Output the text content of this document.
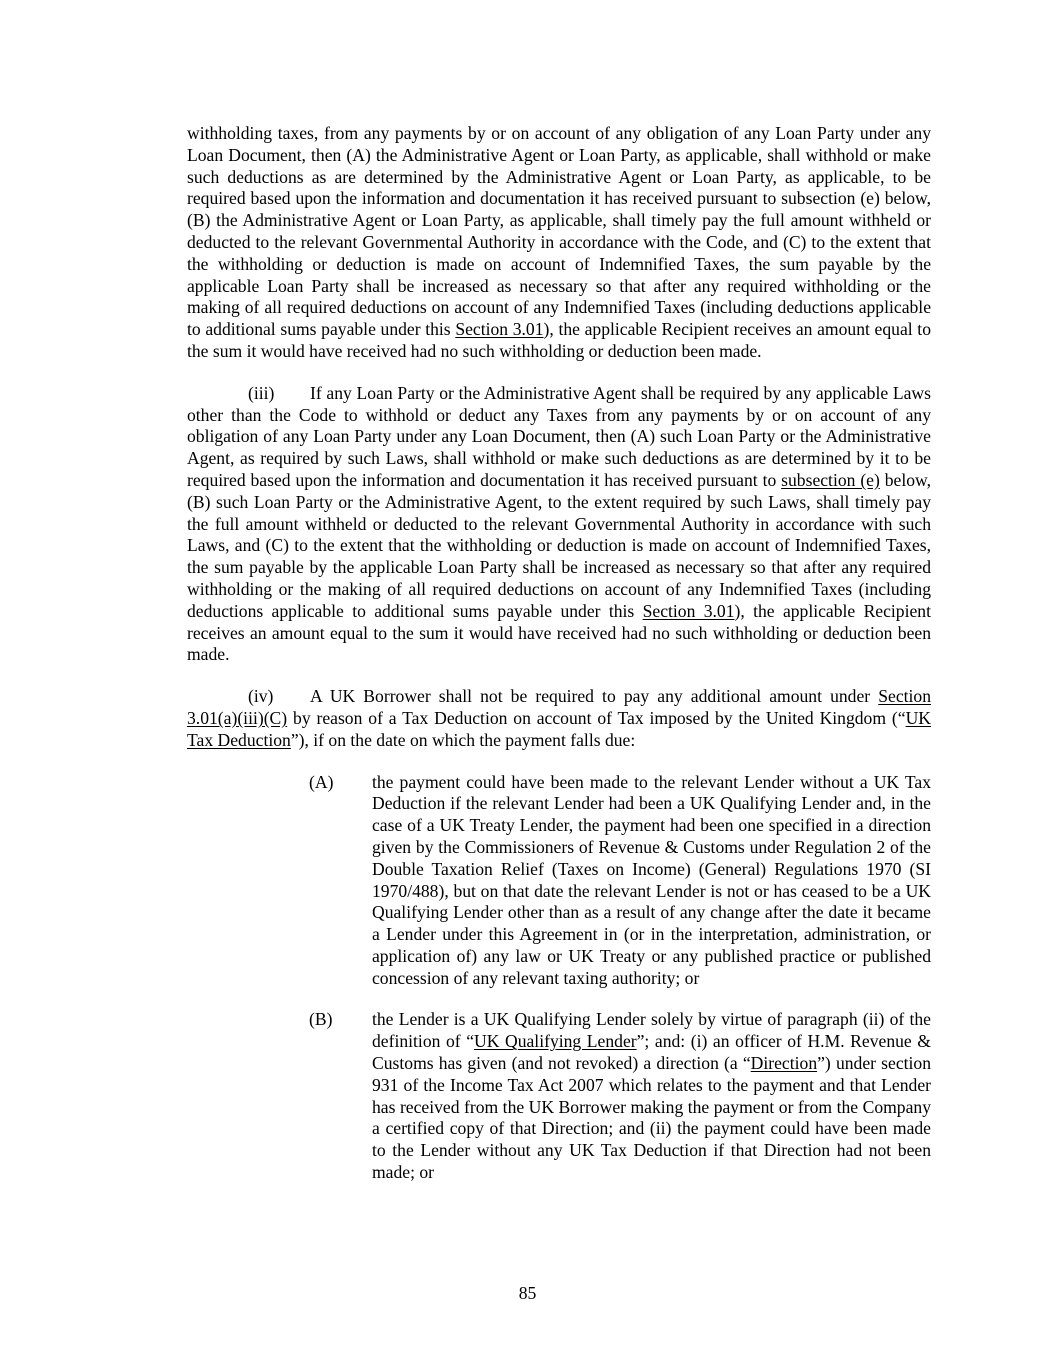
withholding taxes, from any payments by or on account of any obligation of any Loan Party under any Loan Document, then (A) the Administrative Agent or Loan Party, as applicable, shall withhold or make such deductions as are determined by the Administrative Agent or Loan Party, as applicable, to be required based upon the information and documentation it has received pursuant to subsection (e) below, (B) the Administrative Agent or Loan Party, as applicable, shall timely pay the full amount withheld or deducted to the relevant Governmental Authority in accordance with the Code, and (C) to the extent that the withholding or deduction is made on account of Indemnified Taxes, the sum payable by the applicable Loan Party shall be increased as necessary so that after any required withholding or the making of all required deductions on account of any Indemnified Taxes (including deductions applicable to additional sums payable under this Section 3.01), the applicable Recipient receives an amount equal to the sum it would have received had no such withholding or deduction been made.

(iii) If any Loan Party or the Administrative Agent shall be required by any applicable Laws other than the Code to withhold or deduct any Taxes from any payments by or on account of any obligation of any Loan Party under any Loan Document, then (A) such Loan Party or the Administrative Agent, as required by such Laws, shall withhold or make such deductions as are determined by it to be required based upon the information and documentation it has received pursuant to subsection (e) below, (B) such Loan Party or the Administrative Agent, to the extent required by such Laws, shall timely pay the full amount withheld or deducted to the relevant Governmental Authority in accordance with such Laws, and (C) to the extent that the withholding or deduction is made on account of Indemnified Taxes, the sum payable by the applicable Loan Party shall be increased as necessary so that after any required withholding or the making of all required deductions on account of any Indemnified Taxes (including deductions applicable to additional sums payable under this Section 3.01), the applicable Recipient receives an amount equal to the sum it would have received had no such withholding or deduction been made.

(iv) A UK Borrower shall not be required to pay any additional amount under Section 3.01(a)(iii)(C) by reason of a Tax Deduction on account of Tax imposed by the United Kingdom (“UK Tax Deduction”), if on the date on which the payment falls due:

(A) the payment could have been made to the relevant Lender without a UK Tax Deduction if the relevant Lender had been a UK Qualifying Lender and, in the case of a UK Treaty Lender, the payment had been one specified in a direction given by the Commissioners of Revenue & Customs under Regulation 2 of the Double Taxation Relief (Taxes on Income) (General) Regulations 1970 (SI 1970/488), but on that date the relevant Lender is not or has ceased to be a UK Qualifying Lender other than as a result of any change after the date it became a Lender under this Agreement in (or in the interpretation, administration, or application of) any law or UK Treaty or any published practice or published concession of any relevant taxing authority; or

(B) the Lender is a UK Qualifying Lender solely by virtue of paragraph (ii) of the definition of “UK Qualifying Lender”; and: (i) an officer of H.M. Revenue & Customs has given (and not revoked) a direction (a “Direction”) under section 931 of the Income Tax Act 2007 which relates to the payment and that Lender has received from the UK Borrower making the payment or from the Company a certified copy of that Direction; and (ii) the payment could have been made to the Lender without any UK Tax Deduction if that Direction had not been made; or

85
